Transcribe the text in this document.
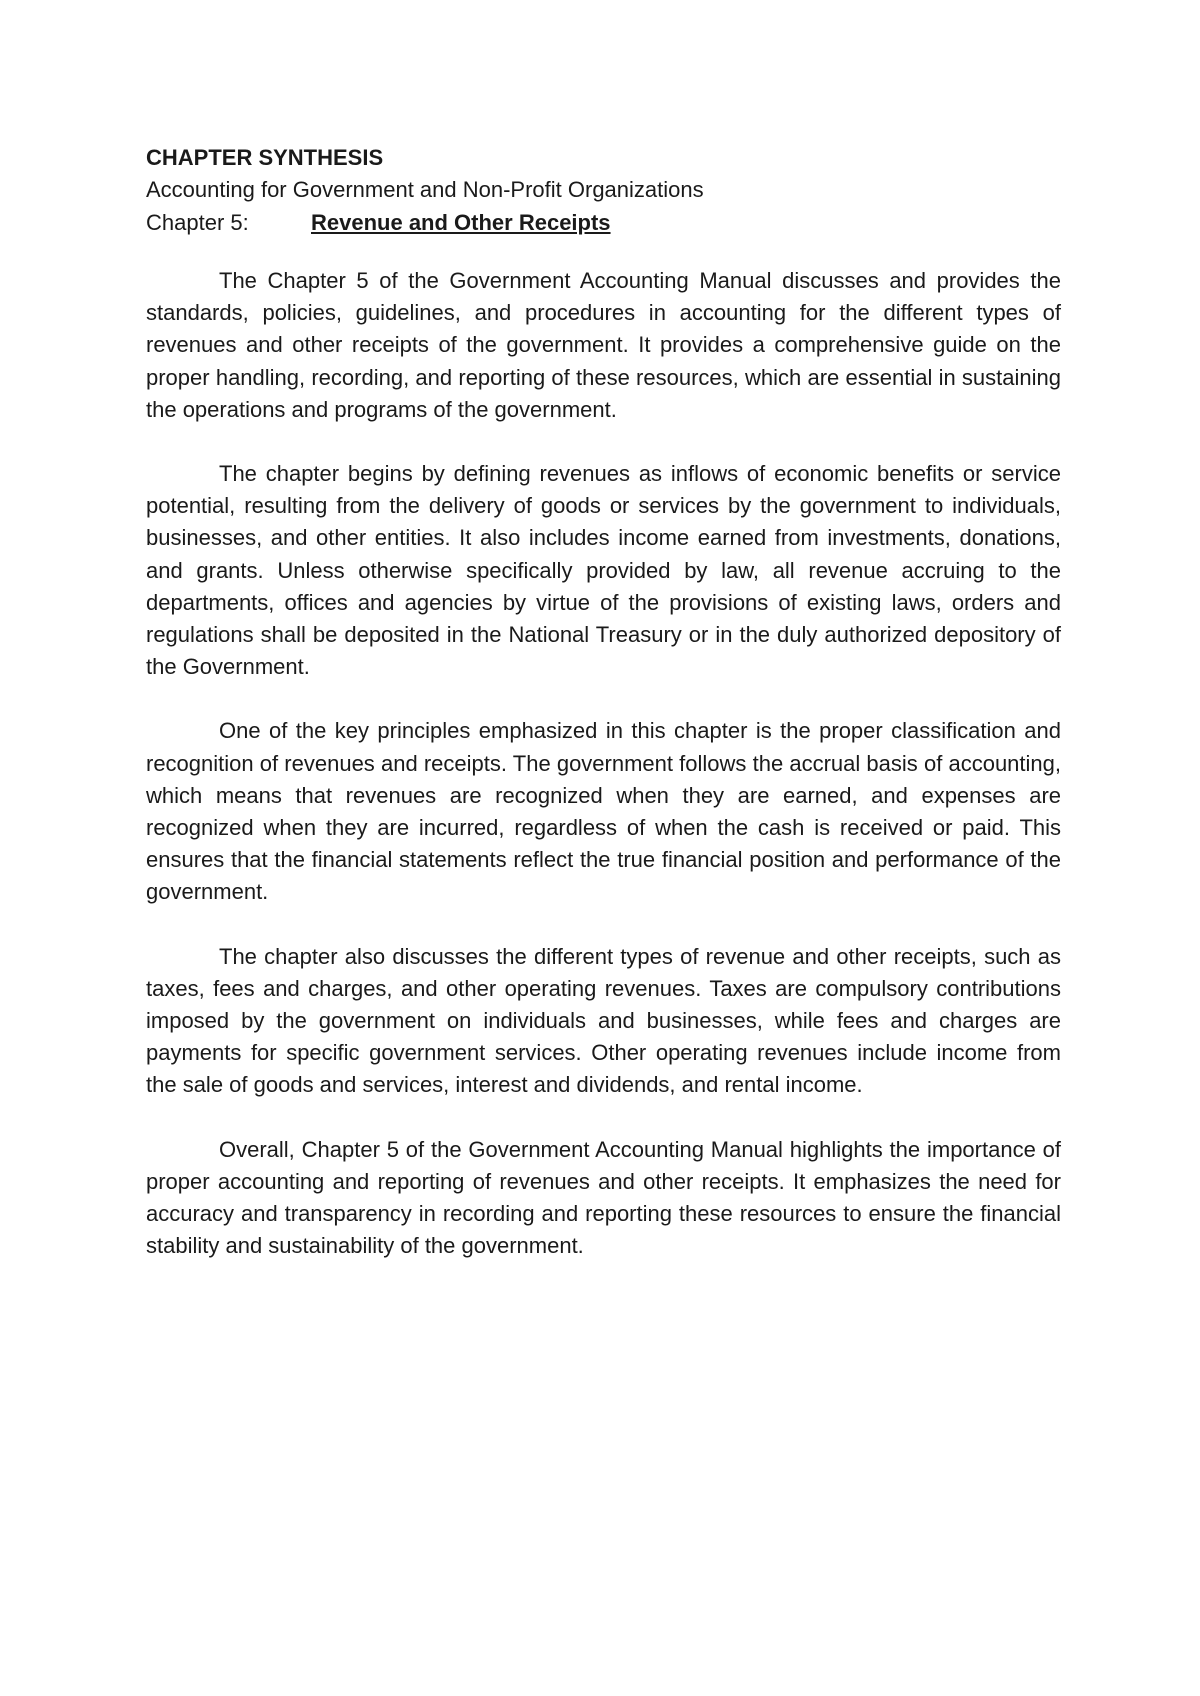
CHAPTER SYNTHESIS

Accounting for Government and Non-Profit Organizations

Chapter 5:	Revenue and Other Receipts

The Chapter 5 of the Government Accounting Manual discusses and provides the standards, policies, guidelines, and procedures in accounting for the different types of revenues and other receipts of the government. It provides a comprehensive guide on the proper handling, recording, and reporting of these resources, which are essential in sustaining the operations and programs of the government.

The chapter begins by defining revenues as inflows of economic benefits or service potential, resulting from the delivery of goods or services by the government to individuals, businesses, and other entities. It also includes income earned from investments, donations, and grants. Unless otherwise specifically provided by law, all revenue accruing to the departments, offices and agencies by virtue of the provisions of existing laws, orders and regulations shall be deposited in the National Treasury or in the duly authorized depository of the Government.

One of the key principles emphasized in this chapter is the proper classification and recognition of revenues and receipts. The government follows the accrual basis of accounting, which means that revenues are recognized when they are earned, and expenses are recognized when they are incurred, regardless of when the cash is received or paid. This ensures that the financial statements reflect the true financial position and performance of the government.

The chapter also discusses the different types of revenue and other receipts, such as taxes, fees and charges, and other operating revenues. Taxes are compulsory contributions imposed by the government on individuals and businesses, while fees and charges are payments for specific government services. Other operating revenues include income from the sale of goods and services, interest and dividends, and rental income.

Overall, Chapter 5 of the Government Accounting Manual highlights the importance of proper accounting and reporting of revenues and other receipts. It emphasizes the need for accuracy and transparency in recording and reporting these resources to ensure the financial stability and sustainability of the government.
